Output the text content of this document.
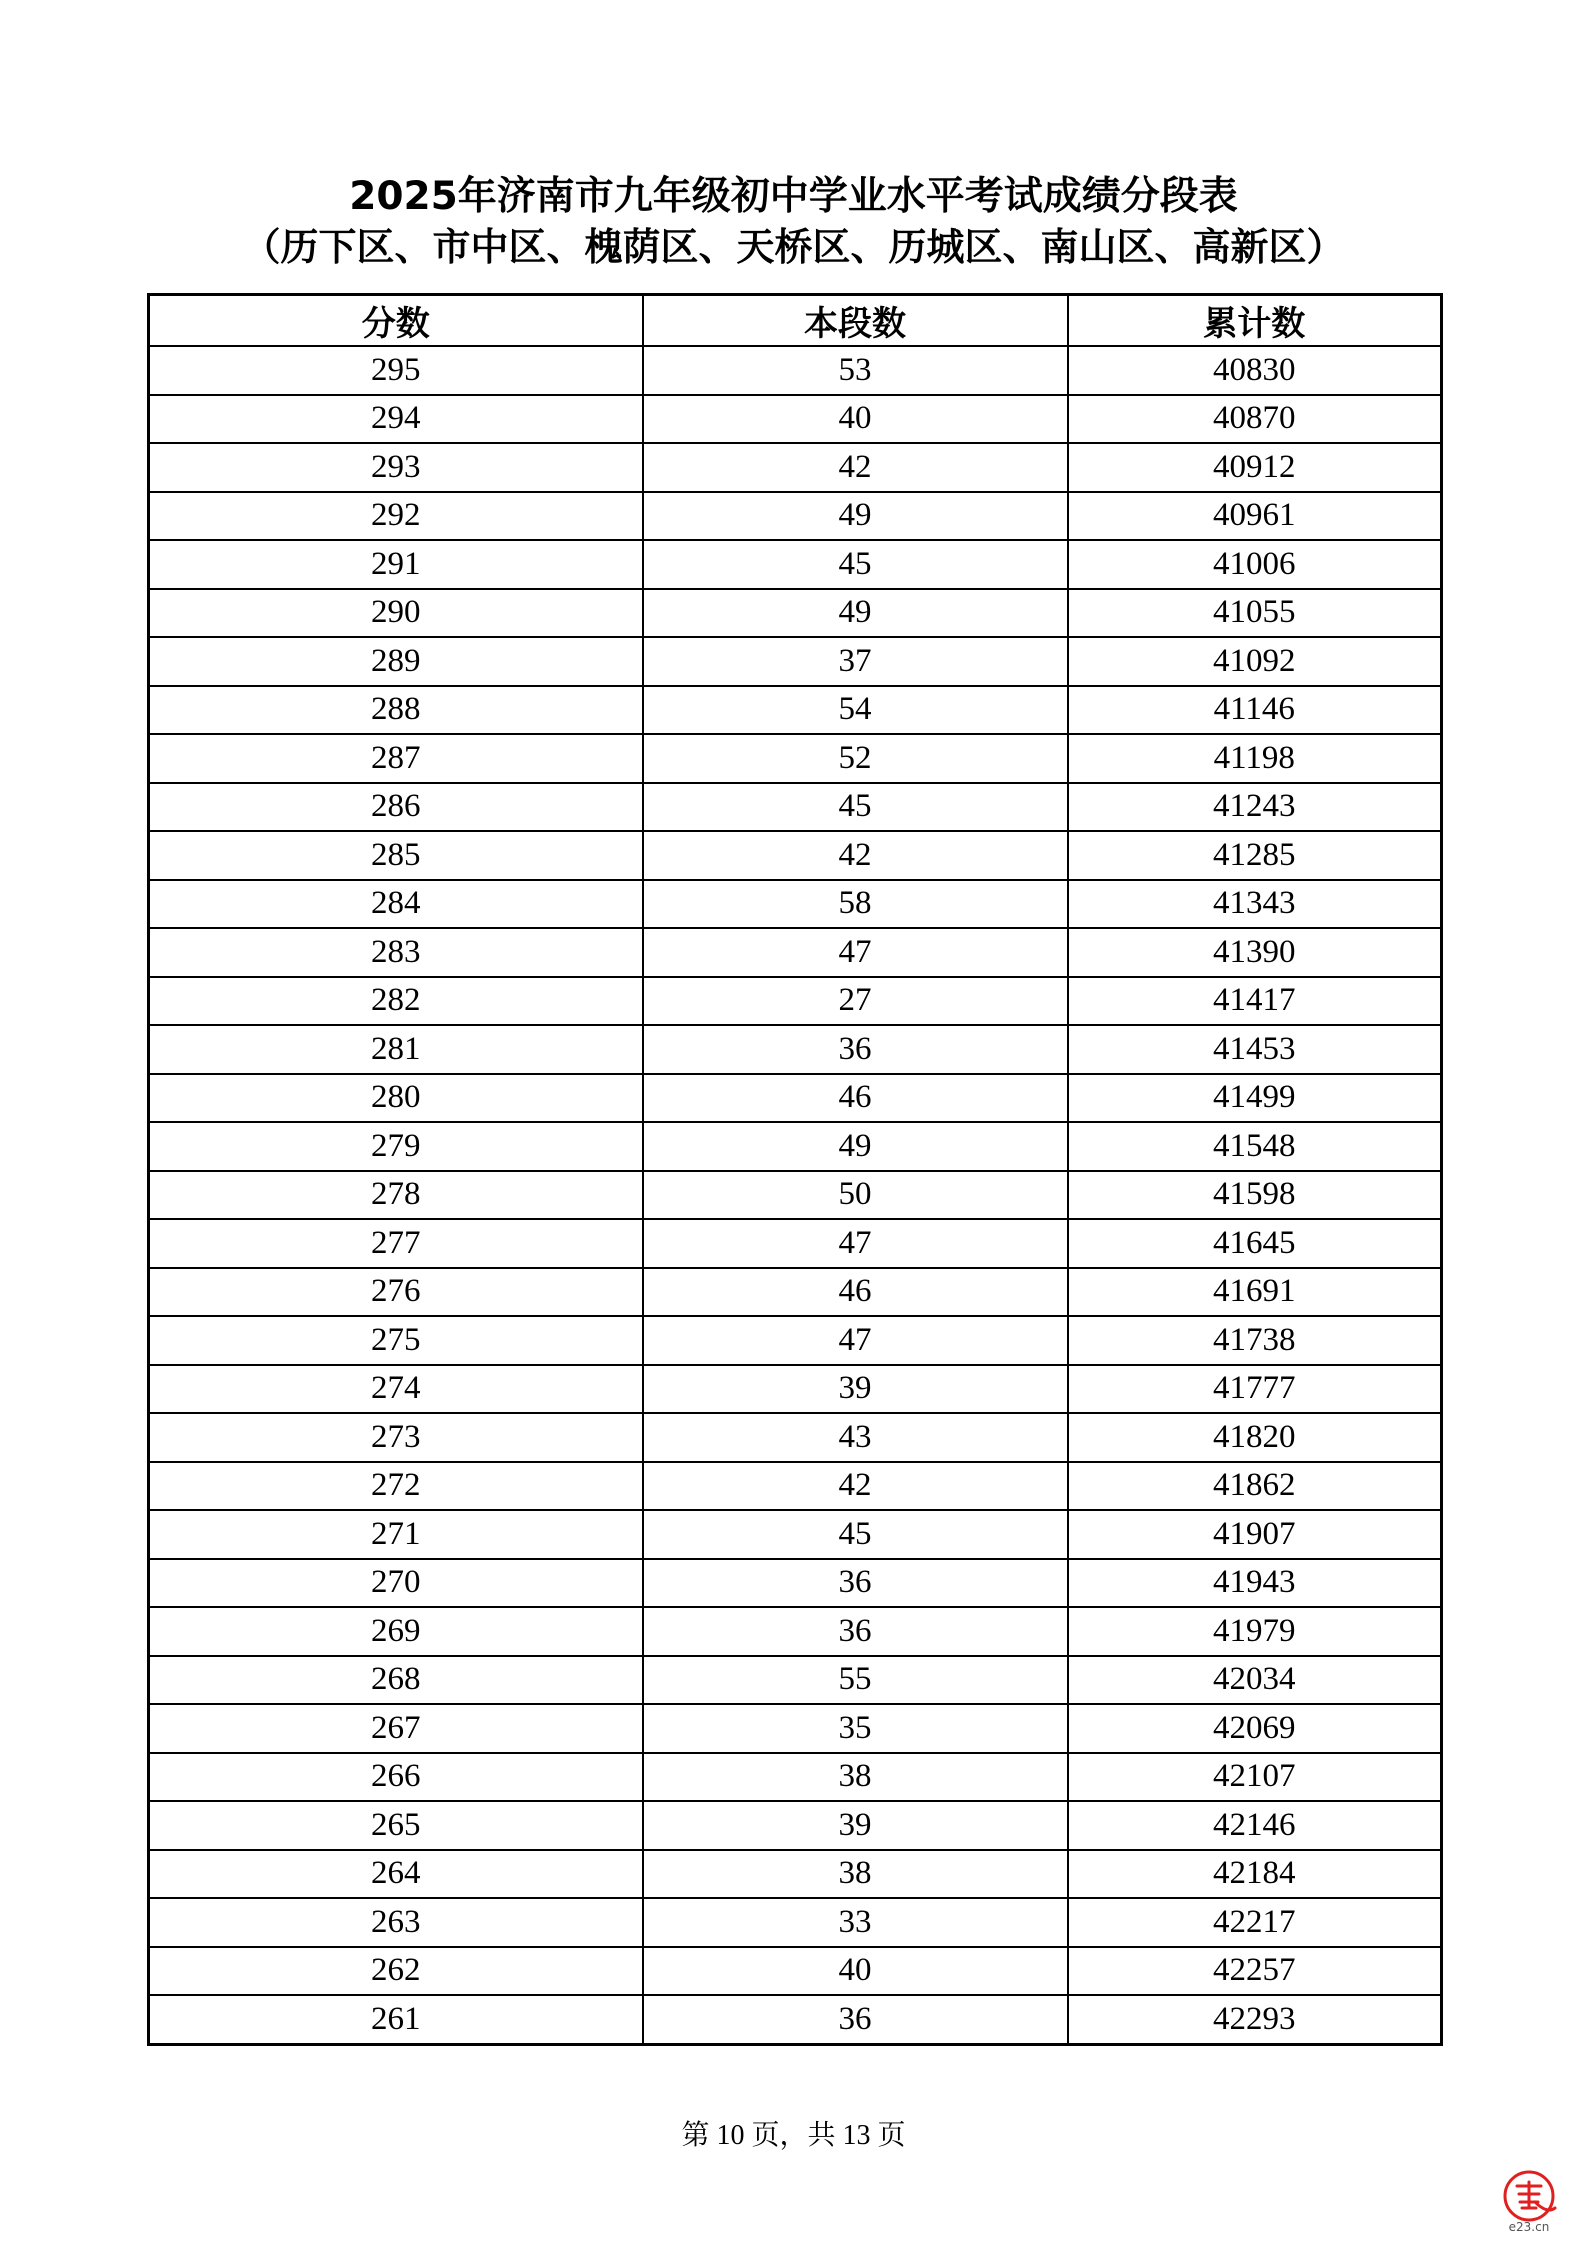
2025年济南市九年级初中学业水平考试成绩分段表
（历下区、市中区、槐荫区、天桥区、历城区、南山区、高新区）
分数	本段数	累计数
295	53	40830
294	40	40870
293	42	40912
292	49	40961
291	45	41006
290	49	41055
289	37	41092
288	54	41146
287	52	41198
286	45	41243
285	42	41285
284	58	41343
283	47	41390
282	27	41417
281	36	41453
280	46	41499
279	49	41548
278	50	41598
277	47	41645
276	46	41691
275	47	41738
274	39	41777
273	43	41820
272	42	41862
271	45	41907
270	36	41943
269	36	41979
268	55	42034
267	35	42069
266	38	42107
265	39	42146
264	38	42184
263	33	42217
262	40	42257
261	36	42293
第 10 页，共 13 页
e23.cn
